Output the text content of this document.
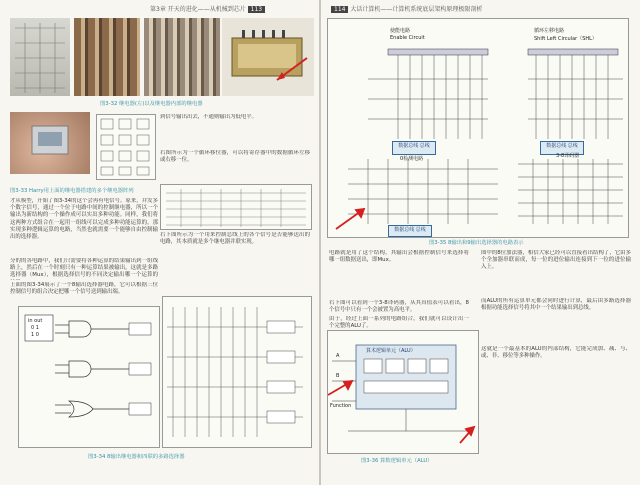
第3章 开天的进化——从机械到芯片 113
图3-32 继电器(左)以及继电器内部的继电器
图3-33 Harry用上面的继电器搭建的多个继电器阵列
才从模型，开始了图3-34的这个会再有电信号。原来，并发多个数字信号，通过一个位于电路中间的控制继电器，所以一个输出为新结构的一个操作成可以实出多种功能。同样，我们将这两种方式组合在一起用一组线可以完成多种功能运算的，那实现多种逻辑运算的电路，当然也就需要一个能够自由控制输出的选择器。
分的的各电路中，我们只需要将各种运算的结果输出到一组线路上，然后在一个时刻只有一种运算结果被输出，这就是多路选择器（Mux），根据选择信号的不同决定输出哪一个运算的
上面的图3-34展示了一个8输出选择器电路，它可以根据三位控制信号的组合决定把哪一个信号送到输出端。
到信号输出出去，不通则输出为低电平。
右图所示为一个循环移位器，可以将寄存器中的数据循环左移或右移一位。
右下图所示为一个用来控制总线上的各个信号是否能够送出的电路，其本质就是多个继电器并联实现。
in out
0 1
1 0
图3-34 8输出继电器和四联的多路选择器
114 大话计算机——计算机系统底层架构原理极限剖析
使能电路
Enable Circuit
循环左移电路
Shift Left Circular（SHL）
数据总线 总线	数据总线 总线
数据总线 总线
0检测电路	3-8译码器
图3-35 8输出和9输出选择器的电路表示
电路就是用了这个结构，其输出会根据控制信号来选择将哪一组数据送出，即Mux。
右下图可以看到一个3-8译码器，从其真值表可以看出，8个信号中只有一个会被置为高电平。
图中的8位加法器，相信大家已经可以直接看出结构了，它由多个全加器串联而成，每一位的进位输出连接到下一位的进位输入上。
而ALU的所有运算单元都会同时进行计算，最后由多路选择器根据功能选择信号将其中一个结果输出到总线。
这就是一个最基本的ALU的内部结构，它能完成加、减、与、或、非、移位等多种操作。
算术逻辑单元（ALU）
A
B
Function
由于，经过上面一系列的电路组合，我们就可以设计出一个完整的ALU了。
图3-36 算数逻辑单元（ALU）
